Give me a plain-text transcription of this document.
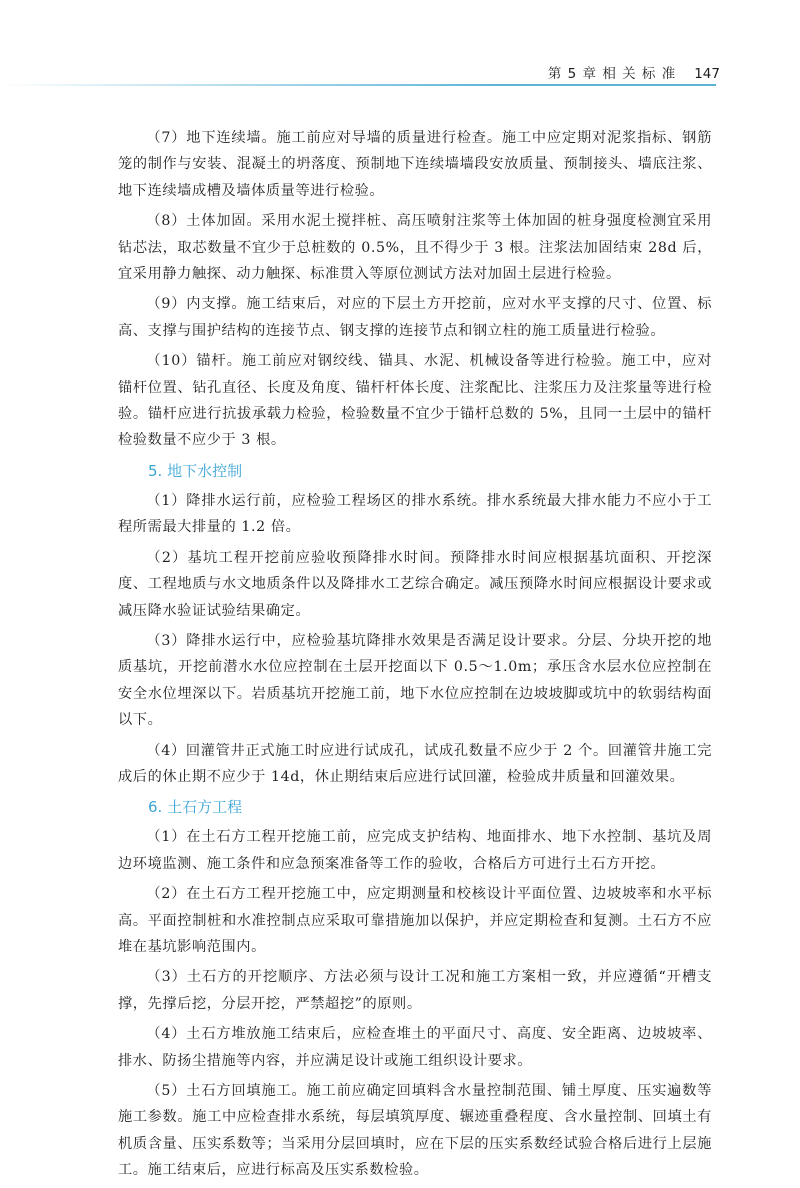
第 5 章 相 关 标 准 147

（7）地下连续墙。施工前应对导墙的质量进行检查。施工中应定期对泥浆指标、钢筋笼的制作与安装、混凝土的坍落度、预制地下连续墙墙段安放质量、预制接头、墙底注浆、地下连续墙成槽及墙体质量等进行检验。

（8）土体加固。采用水泥土搅拌桩、高压喷射注浆等土体加固的桩身强度检测宜采用钻芯法，取芯数量不宜少于总桩数的 0.5%，且不得少于 3 根。注浆法加固结束 28d 后，宜采用静力触探、动力触探、标准贯入等原位测试方法对加固土层进行检验。

（9）内支撑。施工结束后，对应的下层土方开挖前，应对水平支撑的尺寸、位置、标高、支撑与围护结构的连接节点、钢支撑的连接节点和钢立柱的施工质量进行检验。

（10）锚杆。施工前应对钢绞线、锚具、水泥、机械设备等进行检验。施工中，应对锚杆位置、钻孔直径、长度及角度、锚杆杆体长度、注浆配比、注浆压力及注浆量等进行检验。锚杆应进行抗拔承载力检验，检验数量不宜少于锚杆总数的 5%，且同一土层中的锚杆检验数量不应少于 3 根。

5. 地下水控制

（1）降排水运行前，应检验工程场区的排水系统。排水系统最大排水能力不应小于工程所需最大排量的 1.2 倍。

（2）基坑工程开挖前应验收预降排水时间。预降排水时间应根据基坑面积、开挖深度、工程地质与水文地质条件以及降排水工艺综合确定。减压预降水时间应根据设计要求或减压降水验证试验结果确定。

（3）降排水运行中，应检验基坑降排水效果是否满足设计要求。分层、分块开挖的地质基坑，开挖前潜水水位应控制在土层开挖面以下 0.5～1.0m；承压含水层水位应控制在安全水位埋深以下。岩质基坑开挖施工前，地下水位应控制在边坡坡脚或坑中的软弱结构面以下。

（4）回灌管井正式施工时应进行试成孔，试成孔数量不应少于 2 个。回灌管井施工完成后的休止期不应少于 14d，休止期结束后应进行试回灌，检验成井质量和回灌效果。

6. 土石方工程

（1）在土石方工程开挖施工前，应完成支护结构、地面排水、地下水控制、基坑及周边环境监测、施工条件和应急预案准备等工作的验收，合格后方可进行土石方开挖。

（2）在土石方工程开挖施工中，应定期测量和校核设计平面位置、边坡坡率和水平标高。平面控制桩和水准控制点应采取可靠措施加以保护，并应定期检查和复测。土石方不应堆在基坑影响范围内。

（3）土石方的开挖顺序、方法必须与设计工况和施工方案相一致，并应遵循“开槽支撑，先撑后挖，分层开挖，严禁超挖”的原则。

（4）土石方堆放施工结束后，应检查堆土的平面尺寸、高度、安全距离、边坡坡率、排水、防扬尘措施等内容，并应满足设计或施工组织设计要求。

（5）土石方回填施工。施工前应确定回填料含水量控制范围、铺土厚度、压实遍数等施工参数。施工中应检查排水系统，每层填筑厚度、辗迹重叠程度、含水量控制、回填土有机质含量、压实系数等；当采用分层回填时，应在下层的压实系数经试验合格后进行上层施工。施工结束后，应进行标高及压实系数检验。
